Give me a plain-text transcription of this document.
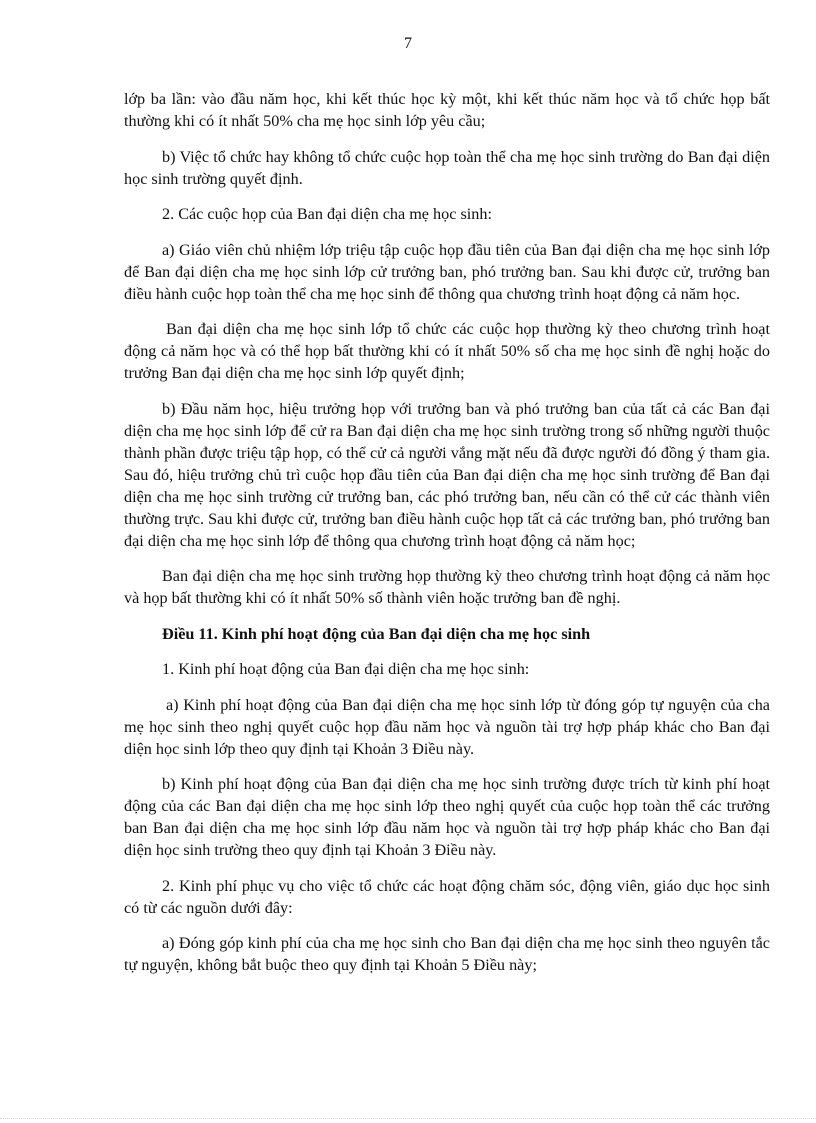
7

lớp ba lần: vào đầu năm học, khi kết thúc học kỳ một, khi kết thúc năm học và tổ chức họp bất thường khi có ít nhất 50% cha mẹ học sinh lớp yêu cầu;

b) Việc tổ chức hay không tổ chức cuộc họp toàn thể cha mẹ học sinh trường do Ban đại diện học sinh trường quyết định.

2. Các cuộc họp của Ban đại diện cha mẹ học sinh:

a) Giáo viên chủ nhiệm lớp triệu tập cuộc họp đầu tiên của Ban đại diện cha mẹ học sinh lớp để Ban đại diện cha mẹ học sinh lớp cử trưởng ban, phó trưởng ban. Sau khi được cử, trưởng ban điều hành cuộc họp toàn thể cha mẹ học sinh để thông qua chương trình hoạt động cả năm học.

Ban đại diện cha mẹ học sinh lớp tổ chức các cuộc họp thường kỳ theo chương trình hoạt động cả năm học và có thể họp bất thường khi có ít nhất 50% số cha mẹ học sinh đề nghị hoặc do trưởng Ban đại diện cha mẹ học sinh lớp quyết định;

b) Đầu năm học, hiệu trưởng họp với trưởng ban và phó trưởng ban của tất cả các Ban đại diện cha mẹ học sinh lớp để cử ra Ban đại diện cha mẹ học sinh trường trong số những người thuộc thành phần được triệu tập họp, có thể cử cả người vắng mặt nếu đã được người đó đồng ý tham gia. Sau đó, hiệu trưởng chủ trì cuộc họp đầu tiên của Ban đại diện cha mẹ học sinh trường để Ban đại diện cha mẹ học sinh trường cử trưởng ban, các phó trưởng ban, nếu cần có thể cử các thành viên thường trực. Sau khi được cử, trưởng ban điều hành cuộc họp tất cả các trưởng ban, phó trưởng ban đại diện cha mẹ học sinh lớp để thông qua chương trình hoạt động cả năm học;

Ban đại diện cha mẹ học sinh trường họp thường kỳ theo chương trình hoạt động cả năm học và họp bất thường khi có ít nhất 50% số thành viên hoặc trưởng ban đề nghị.

Điều 11. Kinh phí hoạt động của Ban đại diện cha mẹ học sinh

1. Kinh phí hoạt động của Ban đại diện cha mẹ học sinh:

a) Kinh phí hoạt động của Ban đại diện cha mẹ học sinh lớp từ đóng góp tự nguyện của cha mẹ học sinh theo nghị quyết cuộc họp đầu năm học và nguồn tài trợ hợp pháp khác cho Ban đại diện học sinh lớp theo quy định tại Khoản 3 Điều này.

b) Kinh phí hoạt động của Ban đại diện cha mẹ học sinh trường được trích từ kinh phí hoạt động của các Ban đại diện cha mẹ học sinh lớp theo nghị quyết của cuộc họp toàn thể các trưởng ban Ban đại diện cha mẹ học sinh lớp đầu năm học và nguồn tài trợ hợp pháp khác cho Ban đại diện học sinh trường theo quy định tại Khoản 3 Điều này.

2. Kinh phí phục vụ cho việc tổ chức các hoạt động chăm sóc, động viên, giáo dục học sinh có từ các nguồn dưới đây:

a) Đóng góp kinh phí của cha mẹ học sinh cho Ban đại diện cha mẹ học sinh theo nguyên tắc tự nguyện, không bắt buộc theo quy định tại Khoản 5 Điều này;
